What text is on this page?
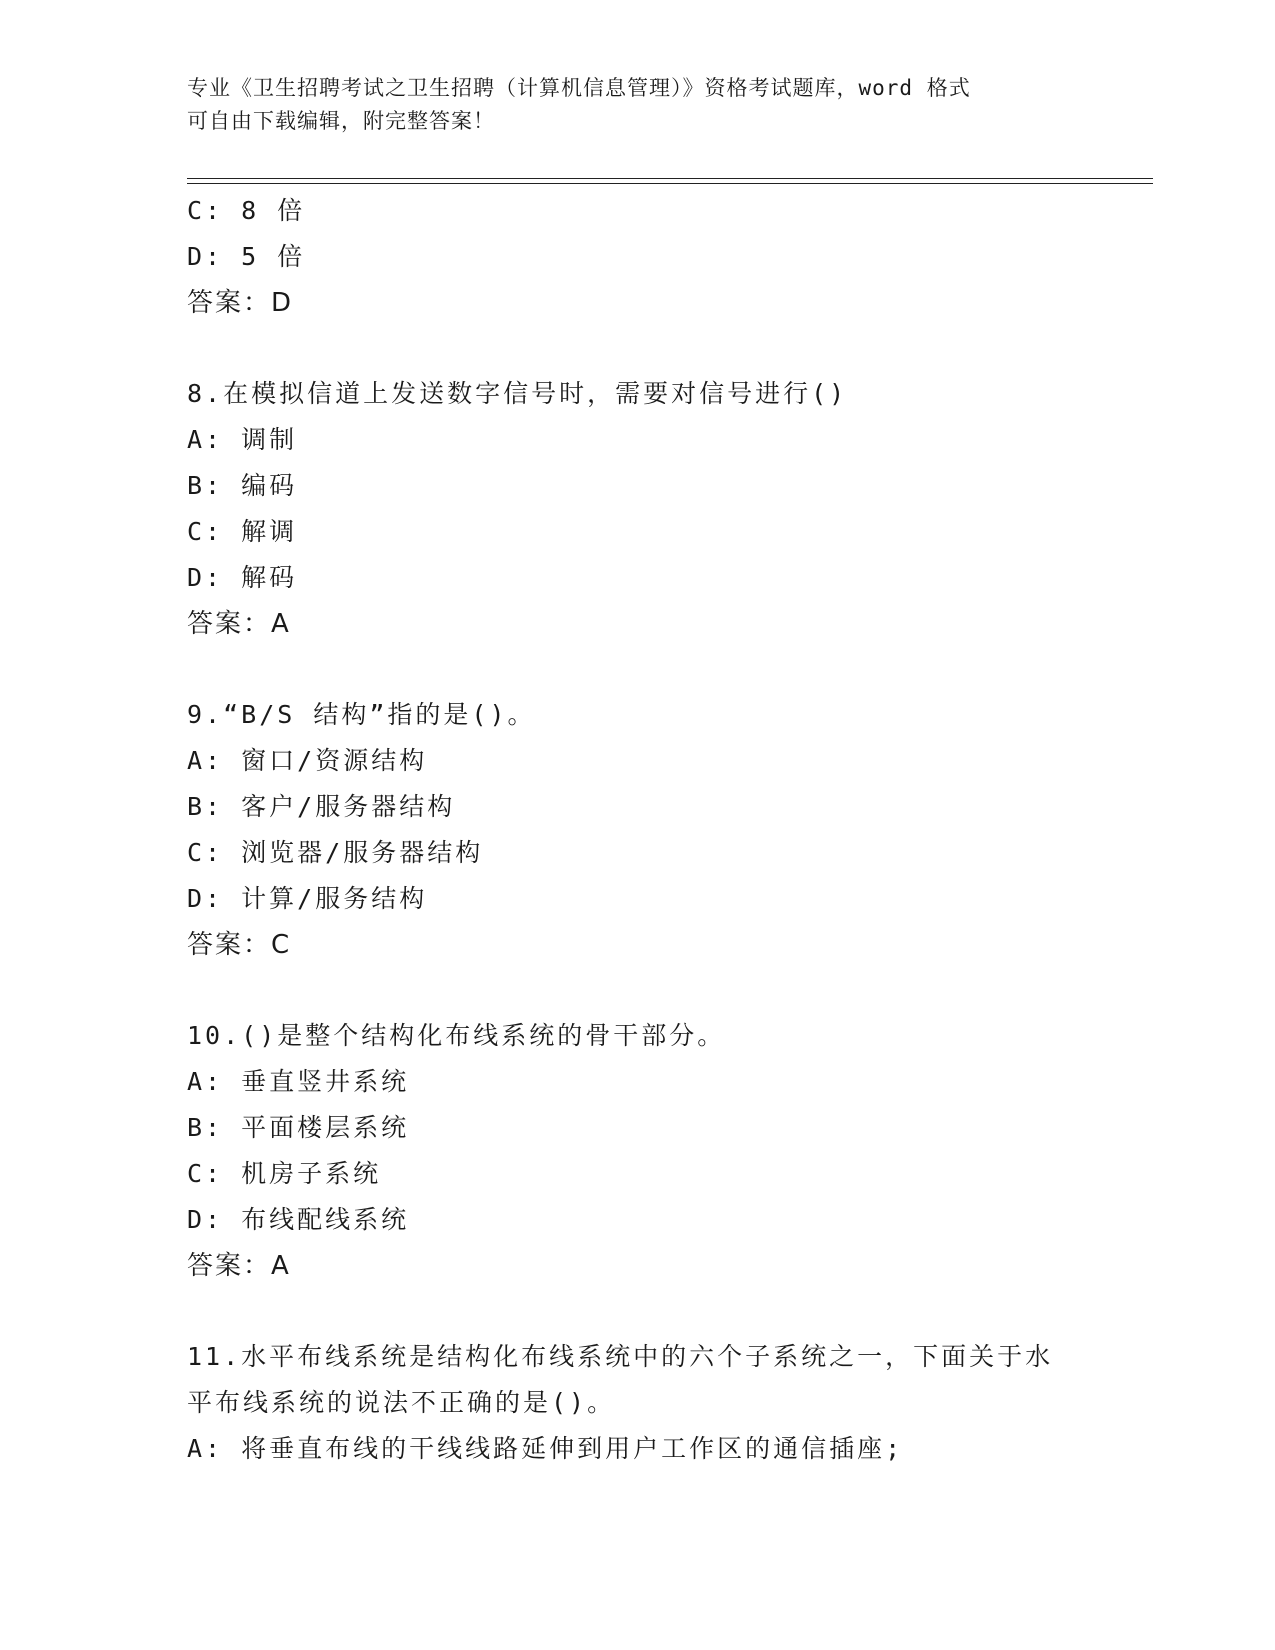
专业《卫生招聘考试之卫生招聘（计算机信息管理）》资格考试题库，word 格式

可自由下载编辑，附完整答案！

C: 8 倍
D: 5 倍
答案：D
8.在模拟信道上发送数字信号时，需要对信号进行()
A: 调制
B: 编码
C: 解调
D: 解码
答案：A
9.“B/S 结构”指的是()。
A: 窗口/资源结构
B: 客户/服务器结构
C: 浏览器/服务器结构
D: 计算/服务结构
答案：C
10.()是整个结构化布线系统的骨干部分。
A: 垂直竖井系统
B: 平面楼层系统
C: 机房子系统
D: 布线配线系统
答案：A
11.水平布线系统是结构化布线系统中的六个子系统之一，下面关于水
平布线系统的说法不正确的是()。
A: 将垂直布线的干线线路延伸到用户工作区的通信插座;
